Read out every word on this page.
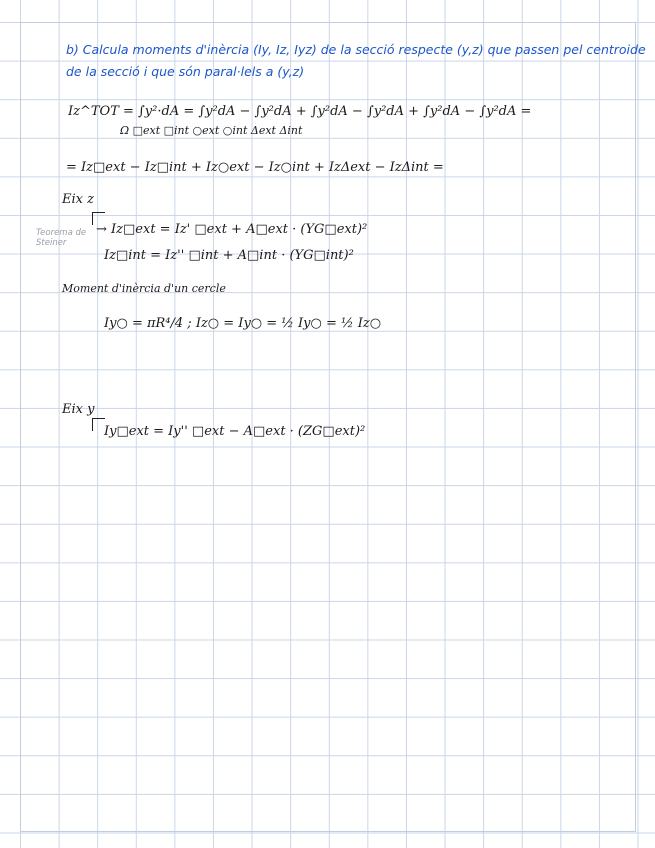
b) Calcula moments d'inèrcia (Iy, Iz, Iyz) de la secció respecte (y,z) que passen pel centroide
de la secció i que són paral·lels a (y,z)
Iz^TOT = ∫y²·dA = ∫y²dA − ∫y²dA + ∫y²dA − ∫y²dA + ∫y²dA − ∫y²dA =
Ω □ext □int ○ext ○int Δext Δint
= Iz□ext − Iz□int + Iz○ext − Iz○int + IzΔext − IzΔint =
Eix z
Teorema de Steiner
→ Iz□ext = Iz' □ext + A□ext · (YG□ext)²
Iz□int = Iz'' □int + A□int · (YG□int)²
Moment d'inèrcia d'un cercle
Iy○ = πR⁴/4 ; Iz○ = Iy○ = ½ Iy○ = ½ Iz○
Eix y
Iy□ext = Iy'' □ext − A□ext · (ZG□ext)²
